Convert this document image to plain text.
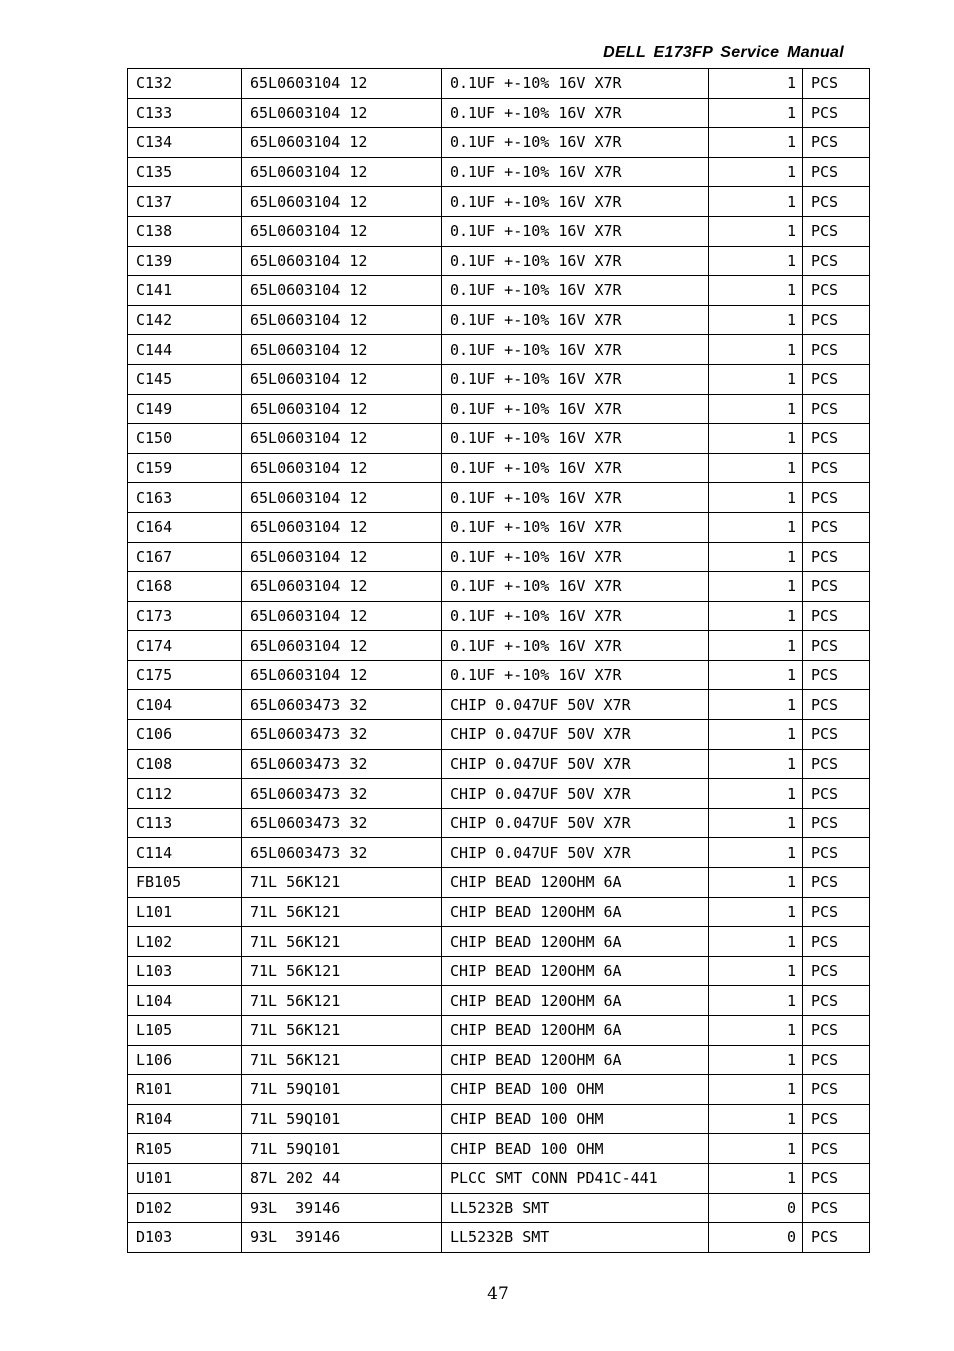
DELL E173FP Service Manual
C132	65L0603104 12	0.1UF +-10% 16V X7R	1	PCS
C133	65L0603104 12	0.1UF +-10% 16V X7R	1	PCS
C134	65L0603104 12	0.1UF +-10% 16V X7R	1	PCS
C135	65L0603104 12	0.1UF +-10% 16V X7R	1	PCS
C137	65L0603104 12	0.1UF +-10% 16V X7R	1	PCS
C138	65L0603104 12	0.1UF +-10% 16V X7R	1	PCS
C139	65L0603104 12	0.1UF +-10% 16V X7R	1	PCS
C141	65L0603104 12	0.1UF +-10% 16V X7R	1	PCS
C142	65L0603104 12	0.1UF +-10% 16V X7R	1	PCS
C144	65L0603104 12	0.1UF +-10% 16V X7R	1	PCS
C145	65L0603104 12	0.1UF +-10% 16V X7R	1	PCS
C149	65L0603104 12	0.1UF +-10% 16V X7R	1	PCS
C150	65L0603104 12	0.1UF +-10% 16V X7R	1	PCS
C159	65L0603104 12	0.1UF +-10% 16V X7R	1	PCS
C163	65L0603104 12	0.1UF +-10% 16V X7R	1	PCS
C164	65L0603104 12	0.1UF +-10% 16V X7R	1	PCS
C167	65L0603104 12	0.1UF +-10% 16V X7R	1	PCS
C168	65L0603104 12	0.1UF +-10% 16V X7R	1	PCS
C173	65L0603104 12	0.1UF +-10% 16V X7R	1	PCS
C174	65L0603104 12	0.1UF +-10% 16V X7R	1	PCS
C175	65L0603104 12	0.1UF +-10% 16V X7R	1	PCS
C104	65L0603473 32	CHIP 0.047UF 50V X7R	1	PCS
C106	65L0603473 32	CHIP 0.047UF 50V X7R	1	PCS
C108	65L0603473 32	CHIP 0.047UF 50V X7R	1	PCS
C112	65L0603473 32	CHIP 0.047UF 50V X7R	1	PCS
C113	65L0603473 32	CHIP 0.047UF 50V X7R	1	PCS
C114	65L0603473 32	CHIP 0.047UF 50V X7R	1	PCS
FB105	71L 56K121	CHIP BEAD 120OHM 6A	1	PCS
L101	71L 56K121	CHIP BEAD 120OHM 6A	1	PCS
L102	71L 56K121	CHIP BEAD 120OHM 6A	1	PCS
L103	71L 56K121	CHIP BEAD 120OHM 6A	1	PCS
L104	71L 56K121	CHIP BEAD 120OHM 6A	1	PCS
L105	71L 56K121	CHIP BEAD 120OHM 6A	1	PCS
L106	71L 56K121	CHIP BEAD 120OHM 6A	1	PCS
R101	71L 59Q101	CHIP BEAD 100 OHM	1	PCS
R104	71L 59Q101	CHIP BEAD 100 OHM	1	PCS
R105	71L 59Q101	CHIP BEAD 100 OHM	1	PCS
U101	87L 202 44	PLCC SMT CONN PD41C-441	1	PCS
D102	93L  39146	LL5232B SMT	0	PCS
D103	93L  39146	LL5232B SMT	0	PCS
47
